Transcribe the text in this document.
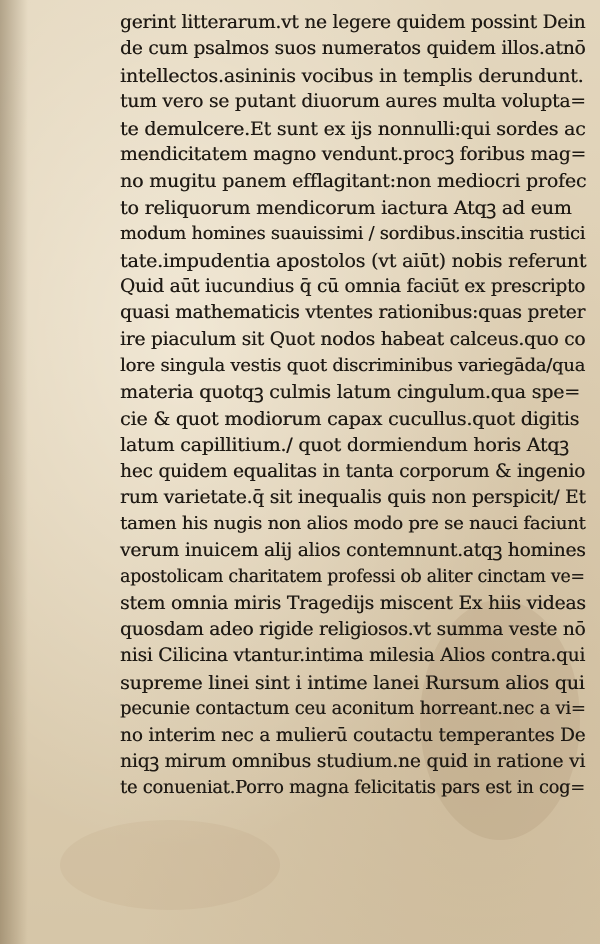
gerint litterarum.vt ne legere quidem possint Dein
de cum psalmos suos numeratos quidem illos.atnō
intellectos.asininis vocibus in templis derundunt.
tum vero se putant diuorum aures multa volupta=
te demulcere.Et sunt ex ijs nonnulli:qui sordes ac
mendicitatem magno vendunt.procꝫ foribus mag=
no mugitu panem efflagitant:non mediocri profec
to reliquorum mendicorum iactura Atqꝫ ad eum
modum homines suauissimi / sordibus.inscitia rustici
tate.impudentia apostolos (vt aiūt) nobis referunt
Quid aūt iucundius q̄ cū omnia faciūt ex prescripto
quasi mathematicis vtentes rationibus:quas preter
ire piaculum sit Quot nodos habeat calceus.quo co
lore singula vestis quot discriminibus variegāda/qua
materia quotqꝫ culmis latum cingulum.qua spe=
cie & quot modiorum capax cucullus.quot digitis
latum capillitium./ quot dormiendum horis Atqꝫ
hec quidem equalitas in tanta corporum & ingenio
rum varietate.q̄ sit inequalis quis non perspicit/ Et
tamen his nugis non alios modo pre se nauci faciunt
verum inuicem alij alios contemnunt.atqꝫ homines
apostolicam charitatem professi ob aliter cinctam ve=
stem omnia miris Tragedijs miscent Ex hiis videas
quosdam adeo rigide religiosos.vt summa veste nō
nisi Cilicina vtantur.intima milesia Alios contra.qui
supreme linei sint i intime lanei Rursum alios qui
pecunie contactum ceu aconitum horreant.nec a vi=
no interim nec a mulierū coutactu temperantes De
niqꝫ mirum omnibus studium.ne quid in ratione vi
te conueniat.Porro magna felicitatis pars est in cog=
